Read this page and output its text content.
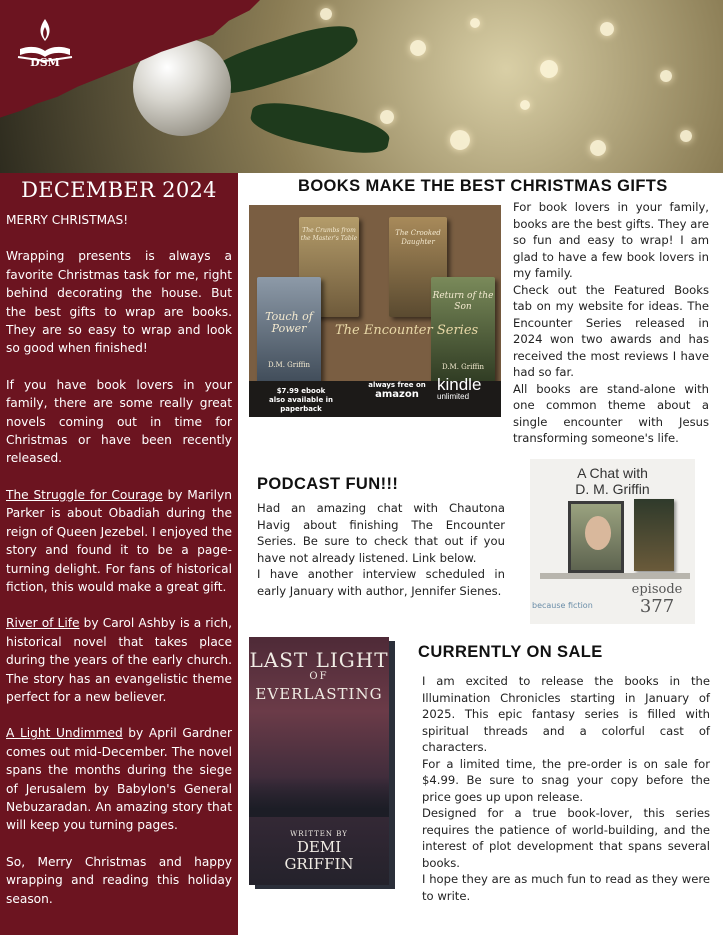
DSM
DECEMBER 2024

MERRY CHRISTMAS!

Wrapping presents is always a favorite Christmas task for me, right behind decorating the house. But the best gifts to wrap are books. They are so easy to wrap and look so good when finished!

If you have book lovers in your family, there are some really great novels coming out in time for Christmas or have been recently released.

The Struggle for Courage by Marilyn Parker is about Obadiah during the reign of Queen Jezebel. I enjoyed the story and found it to be a page-turning delight. For fans of historical fiction, this would make a great gift.

River of Life by Carol Ashby is a rich, historical novel that takes place during the years of the early church. The story has an evangelistic theme perfect for a new believer.

A Light Undimmed by April Gardner comes out mid-December. The novel spans the months during the siege of Jerusalem by Babylon's General Nebuzaradan. An amazing story that will keep you turning pages.

So, Merry Christmas and happy wrapping and reading this holiday season.

BOOKS MAKE THE BEST CHRISTMAS GIFTS
The Crumbs from the Master's Table
The Crooked Daughter
Touch of Power
D.M. Griffin
Return of the Son
D.M. Griffin
The Encounter Series
$7.99 ebook
also available in paperback
always free on
amazon
kindle
unlimited
For book lovers in your family, books are the best gifts. They are so fun and easy to wrap! I am glad to have a few book lovers in my family.
Check out the Featured Books tab on my website for ideas. The Encounter Series released in 2024 won two awards and has received the most reviews I have had so far.
All books are stand-alone with one common theme about a single encounter with Jesus transforming someone's life.
PODCAST FUN!!!
Had an amazing chat with Chautona Havig about finishing The Encounter Series. Be sure to check that out if you have not already listened. Link below.
I have another interview scheduled in early January with author, Jennifer Sienes.
A Chat with
D. M. Griffin
episode
377
because fiction
LAST LIGHT
OF
EVERLASTING
WRITTEN BY
DEMI
GRIFFIN
CURRENTLY ON SALE
I am excited to release the books in the Illumination Chronicles starting in January of 2025. This epic fantasy series is filled with spiritual threads and a colorful cast of characters.
For a limited time, the pre-order is on sale for $4.99. Be sure to snag your copy before the price goes up upon release.
Designed for a true book-lover, this series requires the patience of world-building, and the interest of plot development that spans several books.
I hope they are as much fun to read as they were to write.
